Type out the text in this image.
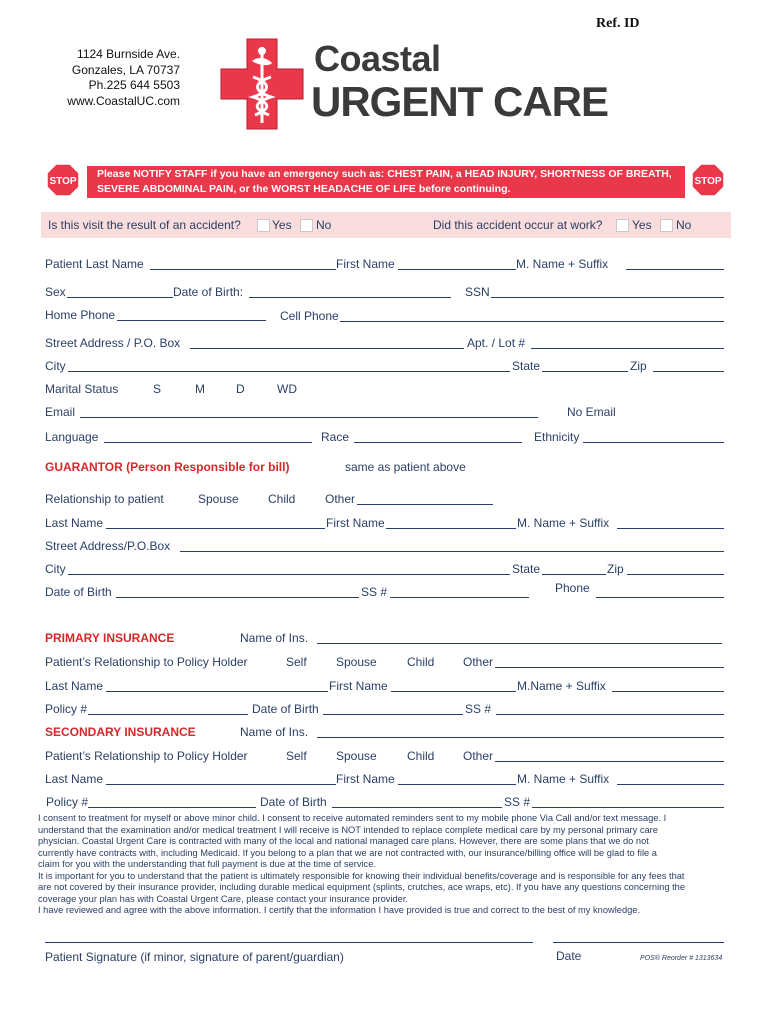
Ref. ID
1124 Burnside Ave.
Gonzales, LA 70737
Ph.225 644 5503
www.CoastalUC.com
Coastal
URGENT CARE
STOP	STOP
Please NOTIFY STAFF if you have an emergency such as: CHEST PAIN, a HEAD INJURY, SHORTNESS OF BREATH,
SEVERE ABDOMINAL PAIN, or the WORST HEADACHE OF LIFE before continuing.
Is this visit the result of an accident?	Yes No	Did this accident occur at work? Yes No
Patient Last Name	First Name	M. Name + Suffix
Sex	Date of Birth:	SSN
Home Phone	Cell Phone
Street Address / P.O. Box	Apt. / Lot #
City	State	Zip
Marital Status	S	M	D	WD
Email	No Email
Language	Race	Ethnicity
GUARANTOR (Person Responsible for bill)	same as patient above
Relationship to patient	Spouse Child Other
Last Name	First Name	M. Name + Suffix
Street Address/P.O.Box
City	State	Zip
Date of Birth	SS #	Phone
PRIMARY INSURANCE	Name of Ins.
Patient’s Relationship to Policy Holder	Self Spouse	Child Other
Last Name	First Name	M.Name + Suffix
Policy #	Date of Birth	SS #
SECONDARY INSURANCE	Name of Ins.
Patient’s Relationship to Policy Holder	Self Spouse	Child Other
Last Name	First Name	M. Name + Suffix
Policy #	Date of Birth	SS #
I consent to treatment for myself or above minor child. I consent to receive automated reminders sent to my mobile phone Via Call and/or text message. I
understand that the examination and/or medical treatment I will receive is NOT intended to replace complete medical care by my personal primary care
physician. Coastal Urgent Care is contracted with many of the local and national managed care plans. However, there are some plans that we do not
currently have contracts with, including Medicaid. If you belong to a plan that we are not contracted with, our insurance/billing office will be glad to file a
claim for you with the understanding that full payment is due at the time of service.
It is important for you to understand that the patient is ultimately responsible for knowing their individual benefits/coverage and is responsible for any fees that
are not covered by their insurance provider, including durable medical equipment (splints, crutches, ace wraps, etc). If you have any questions concerning the
coverage your plan has with Coastal Urgent Care, please contact your insurance provider.
I have reviewed and agree with the above information. I certify that the information I have provided is true and correct to the best of my knowledge.
Patient Signature (if minor, signature of parent/guardian)	Date	POS® Reorder # 1313634
